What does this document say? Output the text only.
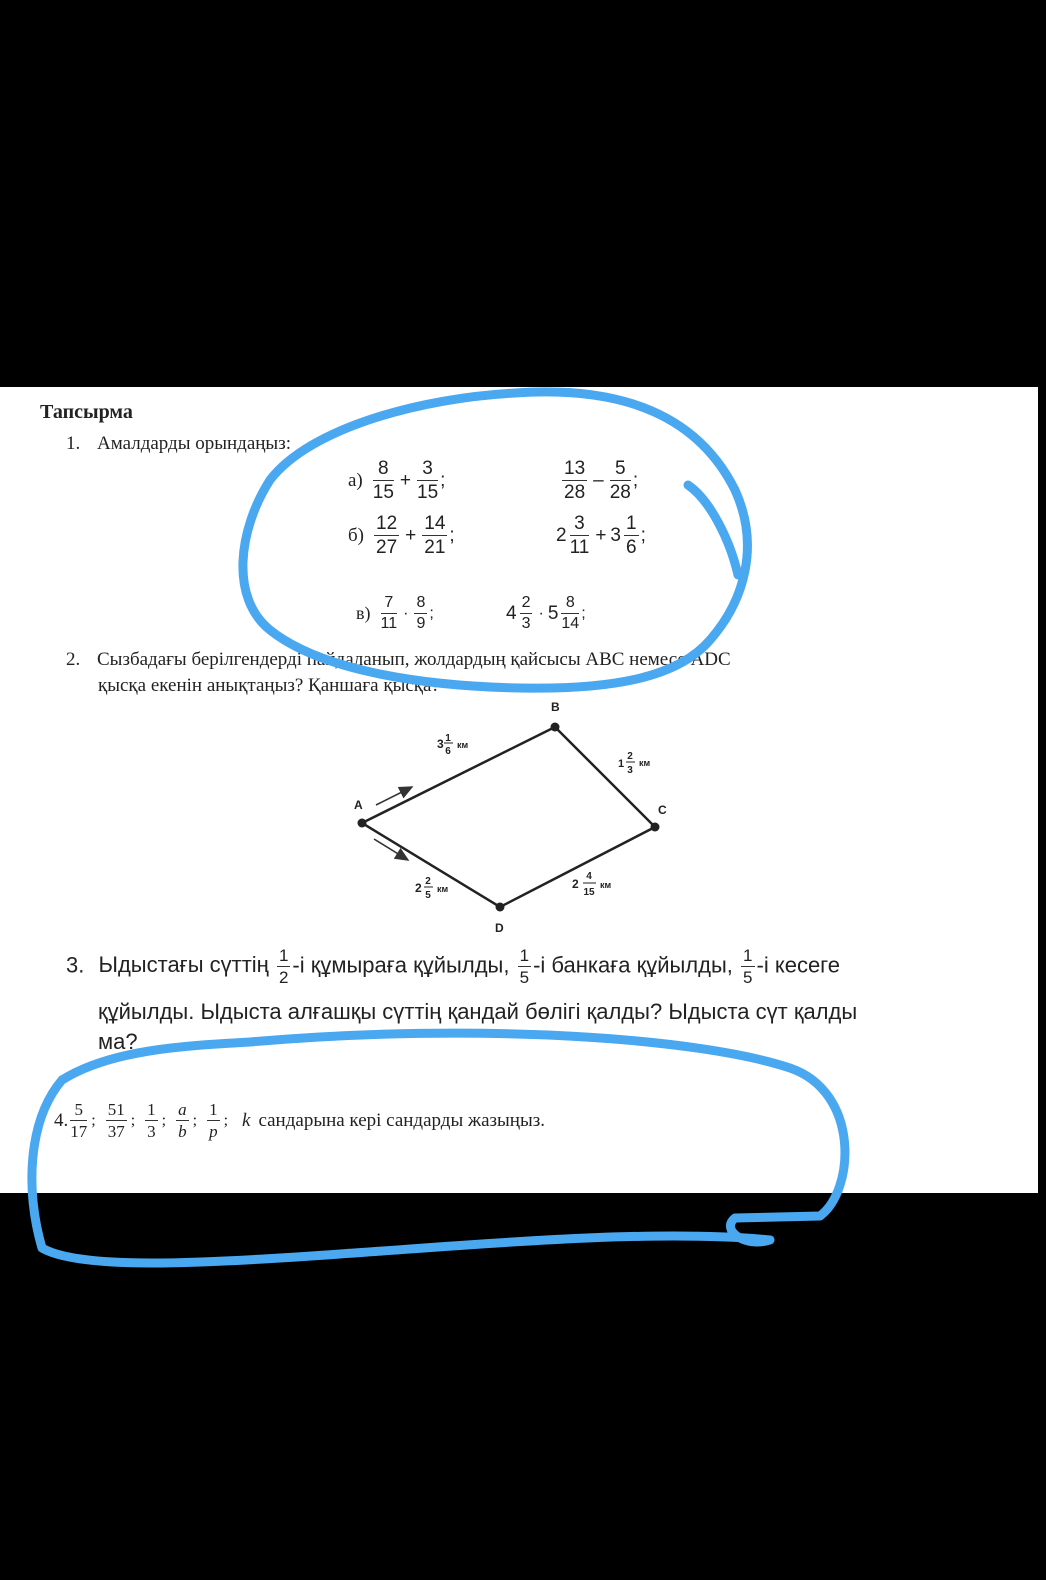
Тапсырма
1. Амалдарды орындаңыз:
$а) \frac{8}{15} + \frac{3}{15}$ ;	$\frac{13}{28} - \frac{5}{28}$ ;
$б) \frac{12}{27} + \frac{14}{21}$ ;	$2 \frac{3}{11} + 3 \frac{1}{6}$ ;
$в) \frac{7}{11} \cdot \frac{8}{9}$ ;	$4 \frac{2}{3} \cdot 5 \frac{8}{14}$ ;
2. Сызбадағы берілгендерді пайдаланып, жолдардың қайсысы ABC немесе ADC
қысқа екенін анықтаңыз? Қаншаға қысқа?
A
B
C
D
3 1
6
км
1
2
3
км
2 2
5
км	2
4
15
км
3. Ыдыстағы сүттің $\frac{1}{2} -і$ құмыраға құйылды, $\frac{1}{5} -і$ банкаға құйылды, $\frac{1}{5} -і$ кесеге
құйылды. Ыдыста алғашқы сүттің қандай бөлігі қалды? Ыдыста сүт қалды
ма?
4. $\frac{5}{17}$ ; $\frac{51}{37}$ ; $\frac{1}{3}$ ; $\frac{a}{b}$ ; $\frac{1}{p}$ ; k сандарына кері сандарды жазыңыз.
